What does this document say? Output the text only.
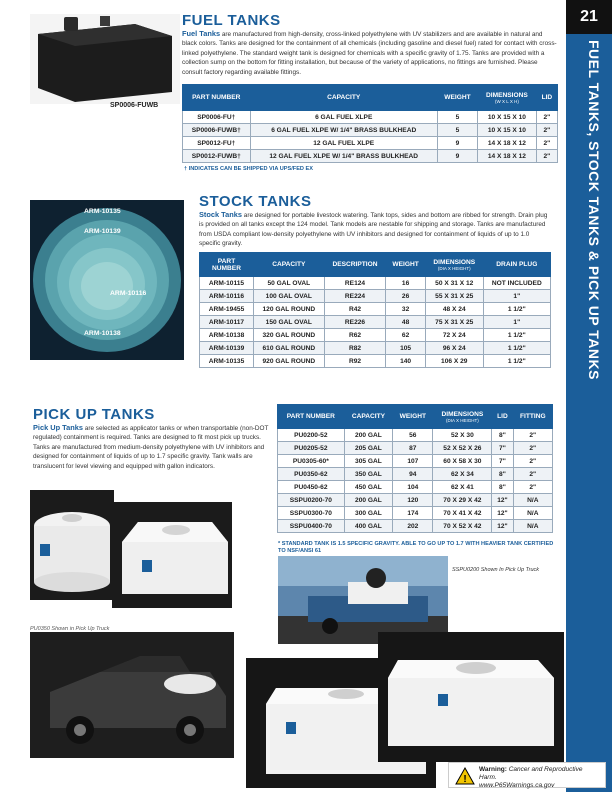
21
FUEL TANKS, STOCK TANKS & PICK UP TANKS
SP0006-FUWB
FUEL TANKS
Fuel Tanks are manufactured from high-density, cross-linked polyethylene with UV stabilizers and are available in natural and black colors. Tanks are designed for the containment of all chemicals (including gasoline and diesel fuel) rated for contact with cross-linked polyethylene. The standard weight tank is designed for chemicals with a specific gravity of 1.75. Tanks are provided with a collection sump on the bottom for fitting installation, but because of the variety of applications, no fittings are furnished. Please consult factory regarding available fittings.
PART NUMBER	CAPACITY	WEIGHT	DIMENSIONS
(W X L X H)	LID
SP0006-FU†	6 GAL FUEL XLPE	5	10 X 15 X 10	2"
SP0006-FUWB†	6 GAL FUEL XLPE W/ 1/4" BRASS BULKHEAD	5	10 X 15 X 10	2"
SP0012-FU†	12 GAL FUEL XLPE	9	14 X 18 X 12	2"
SP0012-FUWB†	12 GAL FUEL XLPE W/ 1/4" BRASS BULKHEAD	9	14 X 18 X 12	2"
† INDICATES CAN BE SHIPPED VIA UPS/FED EX
ARM-10135
ARM-10139
ARM-10116
ARM-10138
STOCK TANKS
Stock Tanks are designed for portable livestock watering. Tank tops, sides and bottom are ribbed for strength. Drain plug is provided on all tanks except the 124 model. Tank models are nestable for shipping and storage. Tanks are manufactured from USDA compliant low-density polyethylene with UV inhibitors and designed for containment of liquids of up to 1.0 specific gravity.
PART NUMBER	CAPACITY	DESCRIPTION	WEIGHT	DIMENSIONS
(DIA X HEIGHT)	DRAIN PLUG
ARM-10115	50 GAL OVAL	RE124	16	50 X 31 X 12	NOT INCLUDED
ARM-10116	100 GAL OVAL	RE224	26	55 X 31 X 25	1"
ARM-19455	120 GAL ROUND	R42	32	48 X 24	1 1/2"
ARM-10117	150 GAL OVAL	RE226	48	75 X 31 X 25	1"
ARM-10138	320 GAL ROUND	R62	62	72 X 24	1 1/2"
ARM-10139	610 GAL ROUND	R82	105	96 X 24	1 1/2"
ARM-10135	920 GAL ROUND	R92	140	106 X 29	1 1/2"
PICK UP TANKS
Pick Up Tanks are selected as applicator tanks or when transportable (non-DOT regulated) containment is required. Tanks are designed to fit most pick up trucks. Tanks are manufactured from medium-density polyethylene with UV inhibitors and designed for containment of liquids of up to 1.7 specific gravity. Tank walls are translucent for level viewing and equipped with gallon indicators.
PART NUMBER	CAPACITY	WEIGHT	DIMENSIONS
(DIA X HEIGHT)	LID	FITTING
PU0200-52	200 GAL	56	52 X 30	8"	2"
PU0205-52	205 GAL	87	52 X 52 X 26	7"	2"
PU0305-60*	305 GAL	107	60 X 58 X 30	7"	2"
PU0350-62	350 GAL	94	62 X 34	8"	2"
PU0450-62	450 GAL	104	62 X 41	8"	2"
SSPU0200-70	200 GAL	120	70 X 29 X 42	12"	N/A
SSPU0300-70	300 GAL	174	70 X 41 X 42	12"	N/A
SSPU0400-70	400 GAL	202	70 X 52 X 42	12"	N/A
* STANDARD TANK IS 1.5 SPECIFIC GRAVITY. ABLE TO GO UP TO 1.7 WITH HEAVIER TANK CERTIFIED TO NSF/ANSI 61
SSPU0200 Shown In Pick Up Truck
PU0350 Shown in Pick Up Truck
!
Warning: Cancer and Reproductive Harm.
www.P65Warnings.ca.gov
